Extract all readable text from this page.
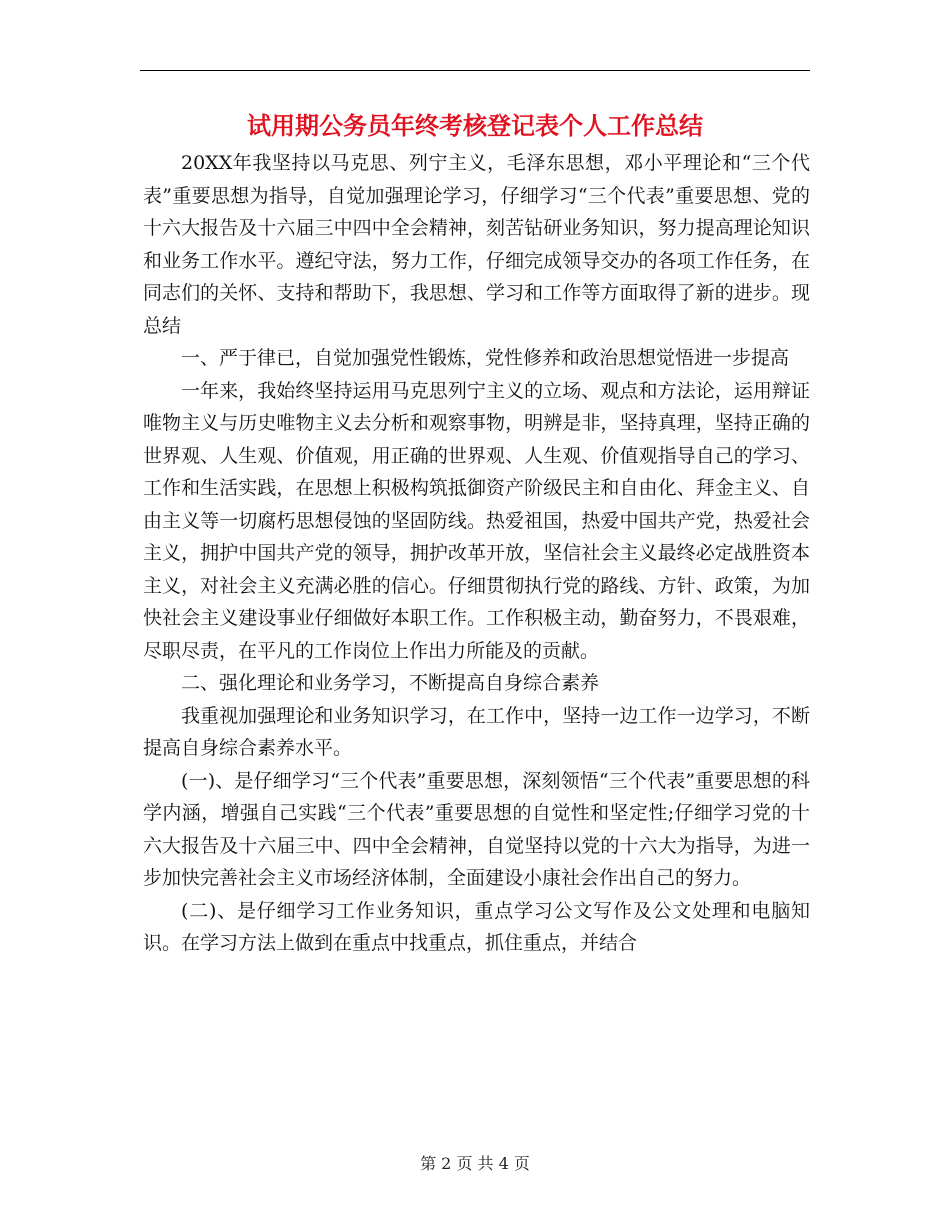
试用期公务员年终考核登记表个人工作总结

20XX年我坚持以马克思、列宁主义，毛泽东思想，邓小平理论和“三个代表”重要思想为指导，自觉加强理论学习，仔细学习“三个代表”重要思想、党的十六大报告及十六届三中四中全会精神，刻苦钻研业务知识，努力提高理论知识和业务工作水平。遵纪守法，努力工作，仔细完成领导交办的各项工作任务，在同志们的关怀、支持和帮助下，我思想、学习和工作等方面取得了新的进步。现总结

一、严于律已，自觉加强党性锻炼，党性修养和政治思想觉悟进一步提高

一年来，我始终坚持运用马克思列宁主义的立场、观点和方法论，运用辩证唯物主义与历史唯物主义去分析和观察事物，明辨是非，坚持真理，坚持正确的世界观、人生观、价值观，用正确的世界观、人生观、价值观指导自己的学习、工作和生活实践，在思想上积极构筑抵御资产阶级民主和自由化、拜金主义、自由主义等一切腐朽思想侵蚀的坚固防线。热爱祖国，热爱中国共产党，热爱社会主义，拥护中国共产党的领导，拥护改革开放，坚信社会主义最终必定战胜资本主义，对社会主义充满必胜的信心。仔细贯彻执行党的路线、方针、政策，为加快社会主义建设事业仔细做好本职工作。工作积极主动，勤奋努力，不畏艰难，尽职尽责，在平凡的工作岗位上作出力所能及的贡献。

二、强化理论和业务学习，不断提高自身综合素养

我重视加强理论和业务知识学习，在工作中，坚持一边工作一边学习，不断提高自身综合素养水平。

(一)、是仔细学习“三个代表”重要思想，深刻领悟“三个代表”重要思想的科学内涵，增强自己实践“三个代表”重要思想的自觉性和坚定性;仔细学习党的十六大报告及十六届三中、四中全会精神，自觉坚持以党的十六大为指导，为进一步加快完善社会主义市场经济体制，全面建设小康社会作出自己的努力。

(二)、是仔细学习工作业务知识，重点学习公文写作及公文处理和电脑知识。在学习方法上做到在重点中找重点，抓住重点，并结合

第 2 页 共 4 页
